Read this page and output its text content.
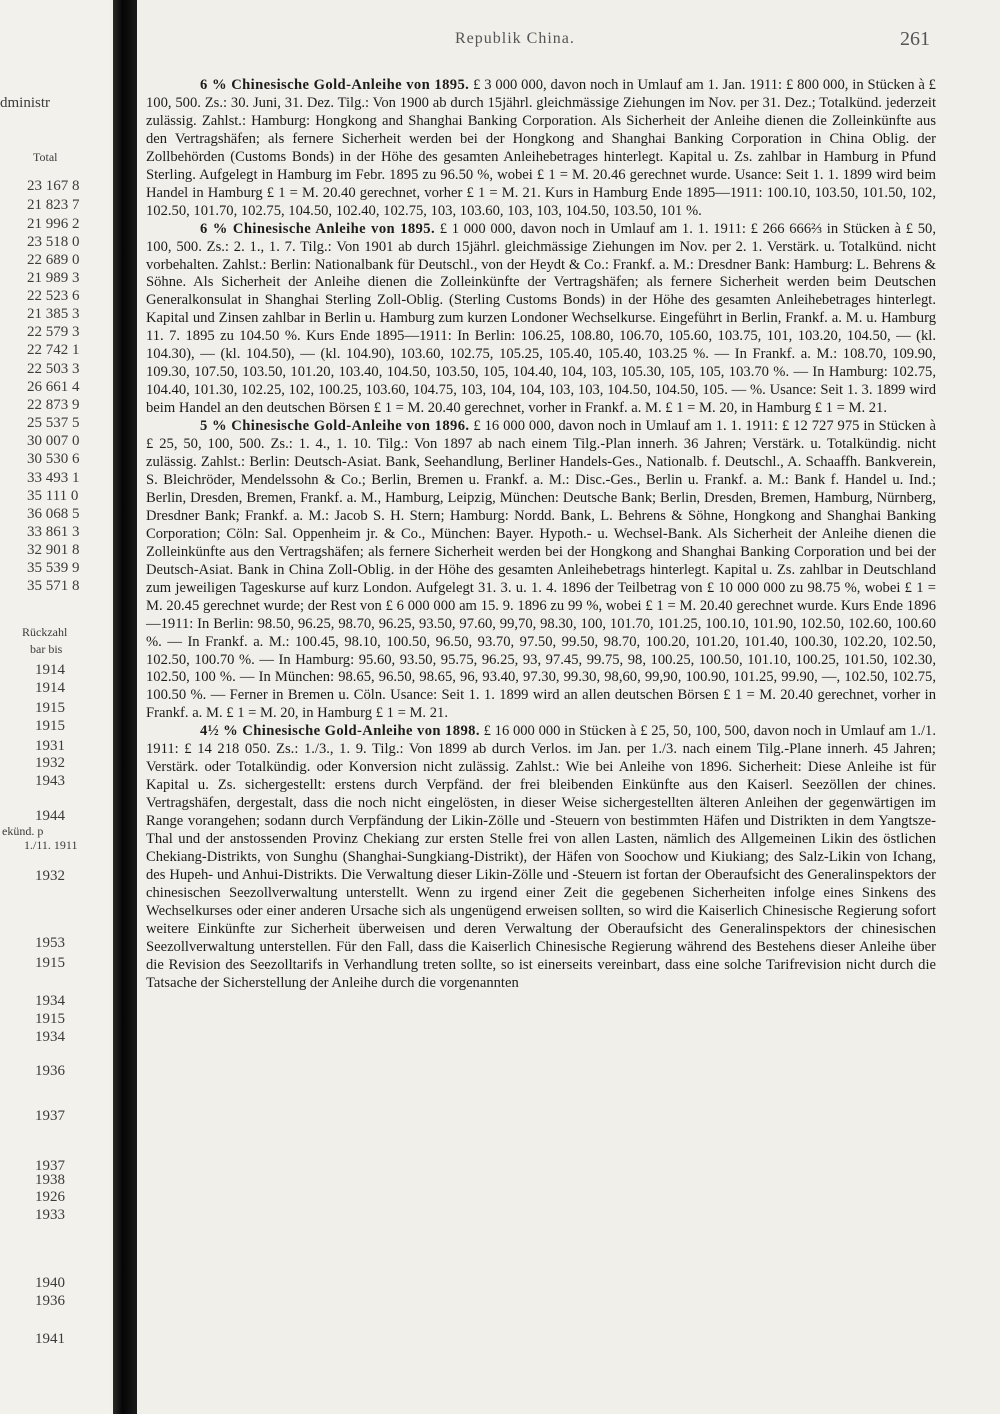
dministr
Total
23 167 8
21 823 7
21 996 2
23 518 0
22 689 0
21 989 3
22 523 6
21 385 3
22 579 3
22 742 1
22 503 3
26 661 4
22 873 9
25 537 5
30 007 0
30 530 6
33 493 1
35 111 0
36 068 5
33 861 3
32 901 8
35 539 9
35 571 8
Rückzahl
bar bis
1914
1914
1915
1915
1931
1932
1943
1944
ekünd. p
1./11. 1911
1932
1953
1915
1934
1915
1934
1936
1937
1937
1938
1926
1933
1940
1936
1941
Republik China.	261

6 % Chinesische Gold-Anleihe von 1895. £ 3 000 000, davon noch in Umlauf am 1. Jan. 1911: £ 800 000, in Stücken à £ 100, 500. Zs.: 30. Juni, 31. Dez. Tilg.: Von 1900 ab durch 15jährl. gleichmässige Ziehungen im Nov. per 31. Dez.; Totalkünd. jederzeit zulässig. Zahlst.: Hamburg: Hongkong and Shanghai Banking Corporation. Als Sicherheit der Anleihe dienen die Zolleinkünfte aus den Vertragshäfen; als fernere Sicherheit werden bei der Hongkong and Shanghai Banking Corporation in China Oblig. der Zollbehörden (Customs Bonds) in der Höhe des gesamten Anleihebetrages hinterlegt. Kapital u. Zs. zahlbar in Hamburg in Pfund Sterling. Aufgelegt in Hamburg im Febr. 1895 zu 96.50 %, wobei £ 1 = M. 20.46 gerechnet wurde. Usance: Seit 1. 1. 1899 wird beim Handel in Hamburg £ 1 = M. 20.40 gerechnet, vorher £ 1 = M. 21. Kurs in Hamburg Ende 1895—1911: 100.10, 103.50, 101.50, 102, 102.50, 101.70, 102.75, 104.50, 102.40, 102.75, 103, 103.60, 103, 103, 104.50, 103.50, 101 %.

6 % Chinesische Anleihe von 1895. £ 1 000 000, davon noch in Umlauf am 1. 1. 1911: £ 266 666⅔ in Stücken à £ 50, 100, 500. Zs.: 2. 1., 1. 7. Tilg.: Von 1901 ab durch 15jährl. gleichmässige Ziehungen im Nov. per 2. 1. Verstärk. u. Totalkünd. nicht vorbehalten. Zahlst.: Berlin: Nationalbank für Deutschl., von der Heydt & Co.: Frankf. a. M.: Dresdner Bank: Hamburg: L. Behrens & Söhne. Als Sicherheit der Anleihe dienen die Zolleinkünfte der Vertragshäfen; als fernere Sicherheit werden beim Deutschen Generalkonsulat in Shanghai Sterling Zoll-Oblig. (Sterling Customs Bonds) in der Höhe des gesamten Anleihebetrages hinterlegt. Kapital und Zinsen zahlbar in Berlin u. Hamburg zum kurzen Londoner Wechselkurse. Eingeführt in Berlin, Frankf. a. M. u. Hamburg 11. 7. 1895 zu 104.50 %. Kurs Ende 1895—1911: In Berlin: 106.25, 108.80, 106.70, 105.60, 103.75, 101, 103.20, 104.50, — (kl. 104.30), — (kl. 104.50), — (kl. 104.90), 103.60, 102.75, 105.25, 105.40, 105.40, 103.25 %. — In Frankf. a. M.: 108.70, 109.90, 109.30, 107.50, 103.50, 101.20, 103.40, 104.50, 103.50, 105, 104.40, 104, 103, 105.30, 105, 105, 103.70 %. — In Hamburg: 102.75, 104.40, 101.30, 102.25, 102, 100.25, 103.60, 104.75, 103, 104, 104, 103, 103, 104.50, 104.50, 105. — %. Usance: Seit 1. 3. 1899 wird beim Handel an den deutschen Börsen £ 1 = M. 20.40 gerechnet, vorher in Frankf. a. M. £ 1 = M. 20, in Hamburg £ 1 = M. 21.

5 % Chinesische Gold-Anleihe von 1896. £ 16 000 000, davon noch in Umlauf am 1. 1. 1911: £ 12 727 975 in Stücken à £ 25, 50, 100, 500. Zs.: 1. 4., 1. 10. Tilg.: Von 1897 ab nach einem Tilg.-Plan innerh. 36 Jahren; Verstärk. u. Totalkündig. nicht zulässig. Zahlst.: Berlin: Deutsch-Asiat. Bank, Seehandlung, Berliner Handels-Ges., Nationalb. f. Deutschl., A. Schaaffh. Bankverein, S. Bleichröder, Mendelssohn & Co.; Berlin, Bremen u. Frankf. a. M.: Disc.-Ges., Berlin u. Frankf. a. M.: Bank f. Handel u. Ind.; Berlin, Dresden, Bremen, Frankf. a. M., Hamburg, Leipzig, München: Deutsche Bank; Berlin, Dresden, Bremen, Hamburg, Nürnberg, Dresdner Bank; Frankf. a. M.: Jacob S. H. Stern; Hamburg: Nordd. Bank, L. Behrens & Söhne, Hongkong and Shanghai Banking Corporation; Cöln: Sal. Oppenheim jr. & Co., München: Bayer. Hypoth.- u. Wechsel-Bank. Als Sicherheit der Anleihe dienen die Zolleinkünfte aus den Vertragshäfen; als fernere Sicherheit werden bei der Hongkong and Shanghai Banking Corporation und bei der Deutsch-Asiat. Bank in China Zoll-Oblig. in der Höhe des gesamten Anleihebetrags hinterlegt. Kapital u. Zs. zahlbar in Deutschland zum jeweiligen Tageskurse auf kurz London. Aufgelegt 31. 3. u. 1. 4. 1896 der Teilbetrag von £ 10 000 000 zu 98.75 %, wobei £ 1 = M. 20.45 gerechnet wurde; der Rest von £ 6 000 000 am 15. 9. 1896 zu 99 %, wobei £ 1 = M. 20.40 gerechnet wurde. Kurs Ende 1896—1911: In Berlin: 98.50, 96.25, 98.70, 96.25, 93.50, 97.60, 99,70, 98.30, 100, 101.70, 101.25, 100.10, 101.90, 102.50, 102.60, 100.60 %. — In Frankf. a. M.: 100.45, 98.10, 100.50, 96.50, 93.70, 97.50, 99.50, 98.70, 100.20, 101.20, 101.40, 100.30, 102.20, 102.50, 102.50, 100.70 %. — In Hamburg: 95.60, 93.50, 95.75, 96.25, 93, 97.45, 99.75, 98, 100.25, 100.50, 101.10, 100.25, 101.50, 102.30, 102.50, 100 %. — In München: 98.65, 96.50, 98.65, 96, 93.40, 97.30, 99.30, 98,60, 99,90, 100.90, 101.25, 99.90, —, 102.50, 102.75, 100.50 %. — Ferner in Bremen u. Cöln. Usance: Seit 1. 1. 1899 wird an allen deutschen Börsen £ 1 = M. 20.40 gerechnet, vorher in Frankf. a. M. £ 1 = M. 20, in Hamburg £ 1 = M. 21.

4½ % Chinesische Gold-Anleihe von 1898. £ 16 000 000 in Stücken à £ 25, 50, 100, 500, davon noch in Umlauf am 1./1. 1911: £ 14 218 050. Zs.: 1./3., 1. 9. Tilg.: Von 1899 ab durch Verlos. im Jan. per 1./3. nach einem Tilg.-Plane innerh. 45 Jahren; Verstärk. oder Totalkündig. oder Konversion nicht zulässig. Zahlst.: Wie bei Anleihe von 1896. Sicherheit: Diese Anleihe ist für Kapital u. Zs. sichergestellt: erstens durch Verpfänd. der frei bleibenden Einkünfte aus den Kaiserl. Seezöllen der chines. Vertragshäfen, dergestalt, dass die noch nicht eingelösten, in dieser Weise sichergestellten älteren Anleihen der gegenwärtigen im Range vorangehen; sodann durch Verpfändung der Likin-Zölle und -Steuern von bestimmten Häfen und Distrikten in dem Yangtsze-Thal und der anstossenden Provinz Chekiang zur ersten Stelle frei von allen Lasten, nämlich des Allgemeinen Likin des östlichen Chekiang-Distrikts, von Sunghu (Shanghai-Sungkiang-Distrikt), der Häfen von Soochow und Kiukiang; des Salz-Likin von Ichang, des Hupeh- und Anhui-Distrikts. Die Verwaltung dieser Likin-Zölle und -Steuern ist fortan der Oberaufsicht des Generalinspektors der chinesischen Seezollverwaltung unterstellt. Wenn zu irgend einer Zeit die gegebenen Sicherheiten infolge eines Sinkens des Wechselkurses oder einer anderen Ursache sich als ungenügend erweisen sollten, so wird die Kaiserlich Chinesische Regierung sofort weitere Einkünfte zur Sicherheit überweisen und deren Verwaltung der Oberaufsicht des Generalinspektors der chinesischen Seezollverwaltung unterstellen. Für den Fall, dass die Kaiserlich Chinesische Regierung während des Bestehens dieser Anleihe über die Revision des Seezolltarifs in Verhandlung treten sollte, so ist einerseits vereinbart, dass eine solche Tarifrevision nicht durch die Tatsache der Sicherstellung der Anleihe durch die vorgenannten
